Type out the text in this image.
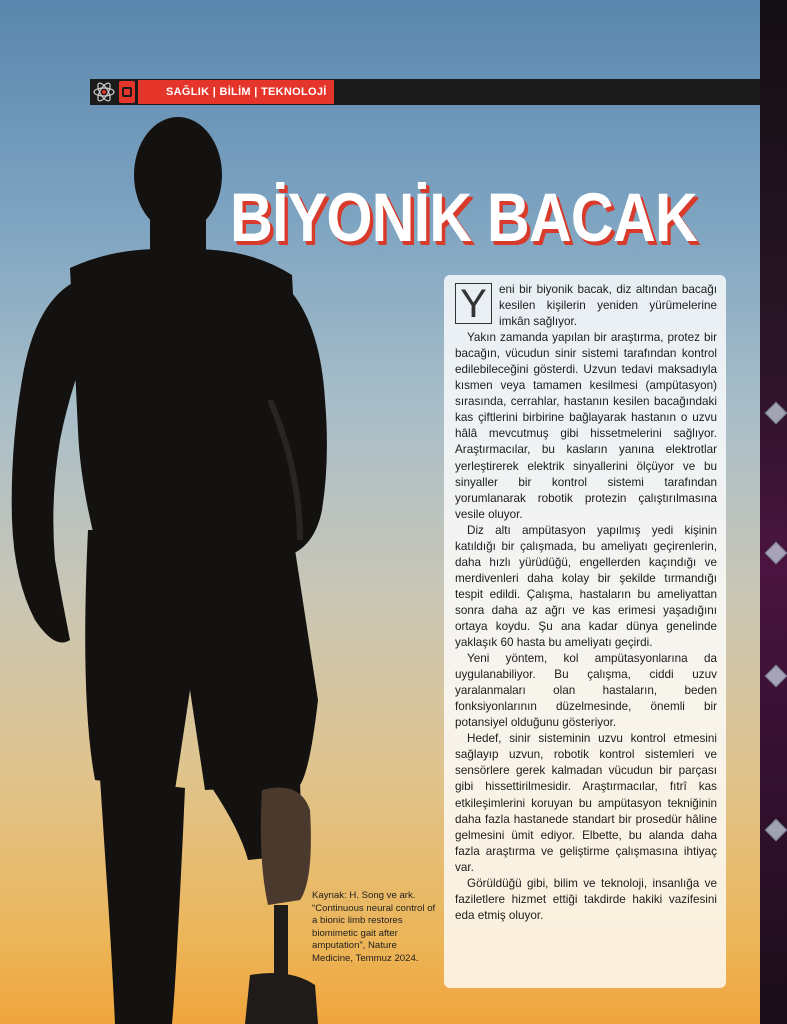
SAĞLIK | BİLİM | TEKNOLOJİ
BİYONİK BACAK
Kaynak: H. Song ve ark. “Continuous neural control of a bionic limb restores biomimetic gait after amputation”, Nature Medicine, Temmuz 2024.

Y	eni bir biyonik bacak, diz altından bacağı kesilen kişilerin yeniden yürümelerine imkân sağlıyor.

Yakın zamanda yapılan bir araştırma, protez bir bacağın, vücudun sinir sistemi tarafından kontrol edilebileceğini gösterdi. Uzvun tedavi maksadıyla kısmen veya tamamen kesilmesi (ampütasyon) sırasında, cerrahlar, hastanın kesilen bacağındaki kas çiftlerini birbirine bağlayarak hastanın o uzvu hâlâ mevcutmuş gibi hissetmelerini sağlıyor. Araştırmacılar, bu kasların yanına elektrotlar yerleştirerek elektrik sinyallerini ölçüyor ve bu sinyaller bir kontrol sistemi tarafından yorumlanarak robotik protezin çalıştırılmasına vesile oluyor.

Diz altı ampütasyon yapılmış yedi kişinin katıldığı bir çalışmada, bu ameliyatı geçirenlerin, daha hızlı yürüdüğü, engellerden kaçındığı ve merdivenleri daha kolay bir şekilde tırmandığı tespit edildi. Çalışma, hastaların bu ameliyattan sonra daha az ağrı ve kas erimesi yaşadığını ortaya koydu. Şu ana kadar dünya genelinde yaklaşık 60 hasta bu ameliyatı geçirdi.

Yeni yöntem, kol ampütasyonlarına da uygulanabiliyor. Bu çalışma, ciddi uzuv yaralanmaları olan hastaların, beden fonksiyonlarının düzelmesinde, önemli bir potansiyel olduğunu gösteriyor.

Hedef, sinir sisteminin uzvu kontrol etmesini sağlayıp uzvun, robotik kontrol sistemleri ve sensörlere gerek kalmadan vücudun bir parçası gibi hissettirilmesidir. Araştırmacılar, fıtrî kas etkileşimlerini koruyan bu ampütasyon tekniğinin daha fazla hastanede standart bir prosedür hâline gelmesini ümit ediyor. Elbette, bu alanda daha fazla araştırma ve geliştirme çalışmasına ihtiyaç var.

Görüldüğü gibi, bilim ve teknoloji, insanlığa ve faziletlere hizmet ettiği takdirde hakiki vazifesini eda etmiş oluyor.
